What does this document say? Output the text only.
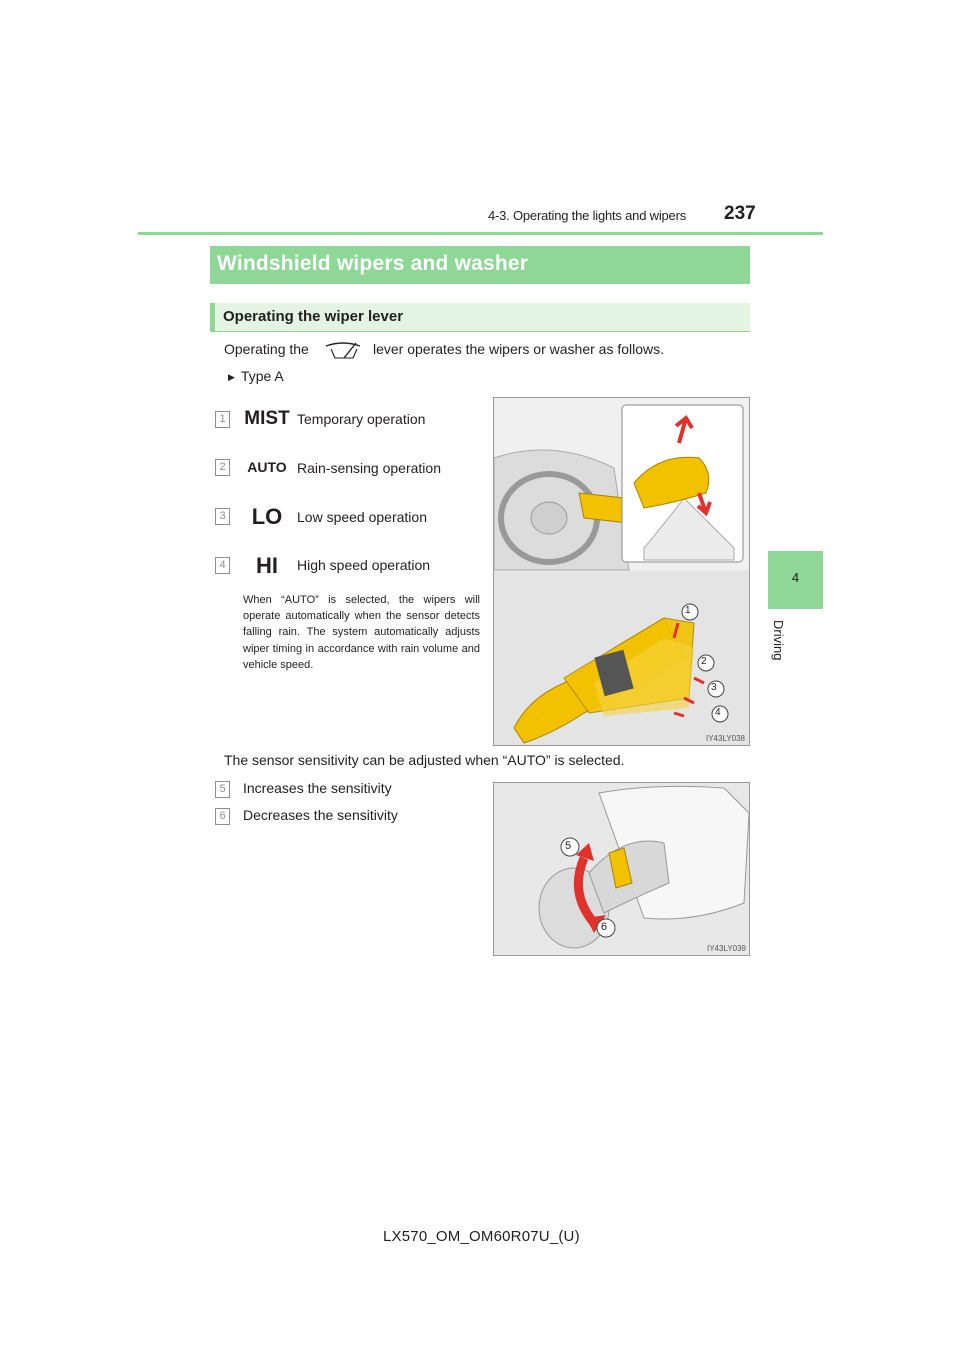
4-3. Operating the lights and wipers 237
4
Driving
Windshield wipers and washer
Operating the wiper lever
Operating the	lever operates the wipers or washer as follows.
▶ Type A
1 MIST Temporary operation
2	AUTO Rain-sensing operation
3	LO	Low speed operation
4	HI	High speed operation
When “AUTO” is selected, the wipers will operate automatically when the sensor detects falling rain. The system automatically adjusts wiper timing in accordance with rain volume and vehicle speed.
1
2
3
4
IY43LY038
The sensor sensitivity can be adjusted when “AUTO” is selected.
5	Increases the sensitivity
6	Decreases the sensitivity
5
6
IY43LY039
LX570_OM_OM60R07U_(U)
